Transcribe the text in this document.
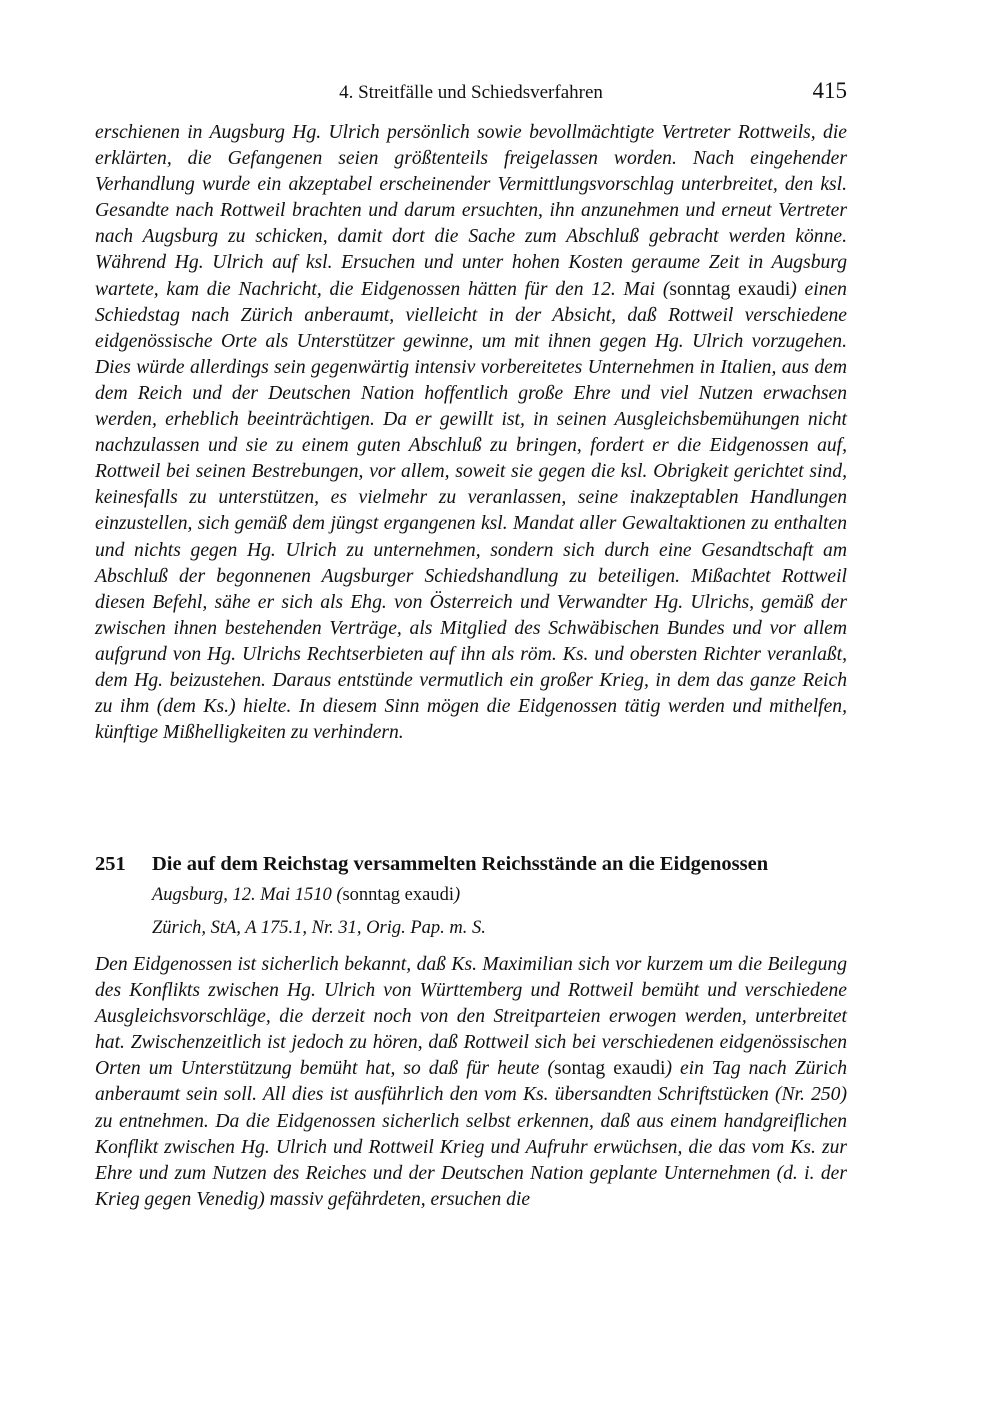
4. Streitfälle und Schiedsverfahren	415

erschienen in Augsburg Hg. Ulrich persönlich sowie bevollmächtigte Vertreter Rottweils, die erklärten, die Gefangenen seien größtenteils freigelassen worden. Nach eingehender Verhandlung wurde ein akzeptabel erscheinender Vermittlungsvorschlag unterbreitet, den ksl. Gesandte nach Rottweil brachten und darum ersuchten, ihn anzunehmen und erneut Vertreter nach Augsburg zu schicken, damit dort die Sache zum Abschluß gebracht werden könne. Während Hg. Ulrich auf ksl. Ersuchen und unter hohen Kosten geraume Zeit in Augsburg wartete, kam die Nachricht, die Eidgenossen hätten für den 12. Mai (sonntag exaudi) einen Schiedstag nach Zürich anberaumt, vielleicht in der Absicht, daß Rottweil verschiedene eidgenössische Orte als Unterstützer gewinne, um mit ihnen gegen Hg. Ulrich vorzugehen. Dies würde allerdings sein gegenwärtig intensiv vorbereitetes Unternehmen in Italien, aus dem dem Reich und der Deutschen Nation hoffentlich große Ehre und viel Nutzen erwachsen werden, erheblich beeinträchtigen. Da er gewillt ist, in seinen Ausgleichsbemühungen nicht nachzulassen und sie zu einem guten Abschluß zu bringen, fordert er die Eidgenossen auf, Rottweil bei seinen Bestrebungen, vor allem, soweit sie gegen die ksl. Obrigkeit gerichtet sind, keinesfalls zu unterstützen, es vielmehr zu veranlassen, seine inakzeptablen Handlungen einzustellen, sich gemäß dem jüngst ergangenen ksl. Mandat aller Gewaltaktionen zu enthalten und nichts gegen Hg. Ulrich zu unternehmen, sondern sich durch eine Gesandtschaft am Abschluß der begonnenen Augsburger Schiedshandlung zu beteiligen. Mißachtet Rottweil diesen Befehl, sähe er sich als Ehg. von Österreich und Verwandter Hg. Ulrichs, gemäß der zwischen ihnen bestehenden Verträge, als Mitglied des Schwäbischen Bundes und vor allem aufgrund von Hg. Ulrichs Rechtserbieten auf ihn als röm. Ks. und obersten Richter veranlaßt, dem Hg. beizustehen. Daraus entstünde vermutlich ein großer Krieg, in dem das ganze Reich zu ihm (dem Ks.) hielte. In diesem Sinn mögen die Eidgenossen tätig werden und mithelfen, künftige Mißhelligkeiten zu verhindern.

251 Die auf dem Reichstag versammelten Reichsstände an die Eidgenossen
Augsburg, 12. Mai 1510 (sonntag exaudi)
Zürich, StA, A 175.1, Nr. 31, Orig. Pap. m. S.

Den Eidgenossen ist sicherlich bekannt, daß Ks. Maximilian sich vor kurzem um die Beilegung des Konflikts zwischen Hg. Ulrich von Württemberg und Rottweil bemüht und verschiedene Ausgleichsvorschläge, die derzeit noch von den Streitparteien erwogen werden, unterbreitet hat. Zwischenzeitlich ist jedoch zu hören, daß Rottweil sich bei verschiedenen eidgenössischen Orten um Unterstützung bemüht hat, so daß für heute (sontag exaudi) ein Tag nach Zürich anberaumt sein soll. All dies ist ausführlich den vom Ks. übersandten Schriftstücken (Nr. 250) zu entnehmen. Da die Eidgenossen sicherlich selbst erkennen, daß aus einem handgreiflichen Konflikt zwischen Hg. Ulrich und Rottweil Krieg und Aufruhr erwüchsen, die das vom Ks. zur Ehre und zum Nutzen des Reiches und der Deutschen Nation geplante Unternehmen (d. i. der Krieg gegen Venedig) massiv gefährdeten, ersuchen die
